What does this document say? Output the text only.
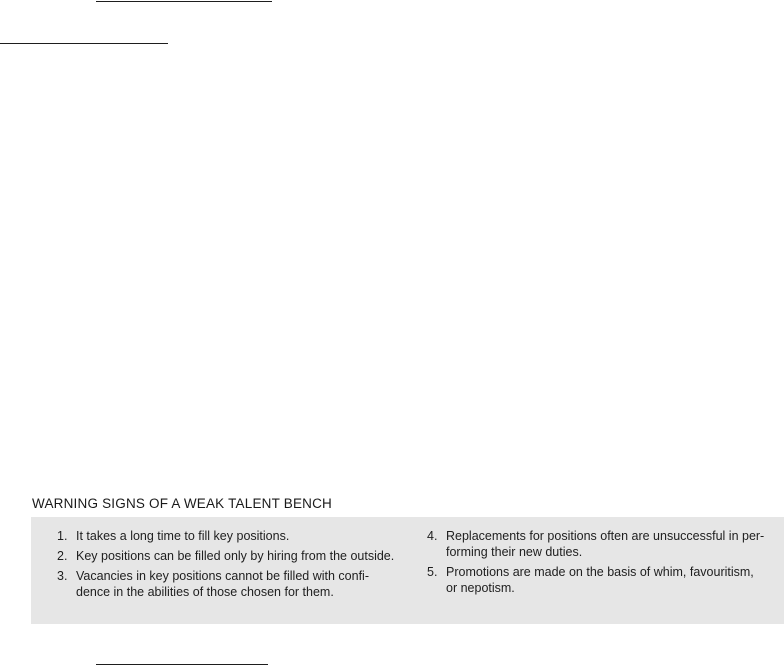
WARNING SIGNS OF A WEAK TALENT BENCH
1. It takes a long time to fill key positions.
2. Key positions can be filled only by hiring from the outside.
3. Vacancies in key positions cannot be filled with confi-
dence in the abilities of those chosen for them.
4. Replacements for positions often are unsuccessful in per-
forming their new duties.
5. Promotions are made on the basis of whim, favouritism,
or nepotism.
